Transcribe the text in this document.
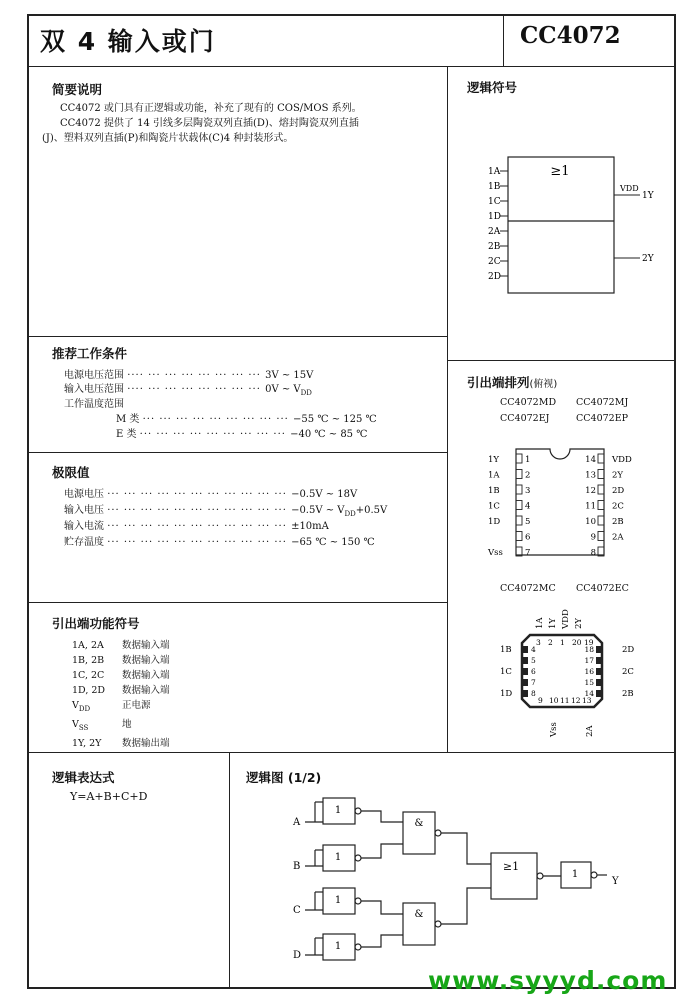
双 4 输入或门	CC4072
简要说明
CC4072 或门具有正逻辑或功能，补充了现有的 COS/MOS 系列。
CC4072 提供了 14 引线多层陶瓷双列直插(D)、熔封陶瓷双列直插
(J)、塑料双列直插(P)和陶瓷片状载体(C)4 种封装形式。
逻辑符号
≥1
1A
1B
1C
1D
2A
2B
2C
2D
VDD
1Y
2Y
推荐工作条件
电源电压范围 ···· ··· ··· ··· ··· ··· ··· ··· 3V ~ 15V
输入电压范围 ···· ··· ··· ··· ··· ··· ··· ··· 0V ~ $V_{DD}$
工作温度范围
M 类 ··· ··· ··· ··· ··· ··· ··· ··· ··· −55 ℃ ~ 125 ℃
E 类 ··· ··· ··· ··· ··· ··· ··· ··· ··· −40 ℃ ~ 85 ℃
极限值
电源电压 ··· ··· ··· ··· ··· ··· ··· ··· ··· ··· ··· −0.5V ~ 18V
输入电压 ··· ··· ··· ··· ··· ··· ··· ··· ··· ··· ··· −0.5V ~ $V_{DD}+0.5V$
输入电流 ··· ··· ··· ··· ··· ··· ··· ··· ··· ··· ··· ±10mA
贮存温度 ··· ··· ··· ··· ··· ··· ··· ··· ··· ··· ··· −65 ℃ ~ 150 ℃
引出端功能符号
1A, 2A 数据输入端
1B, 2B 数据输入端
1C, 2C 数据输入端
1D, 2D 数据输入端
$V_{DD}$	正电源
$V_{SS}$	地
1Y, 2Y 数据输出端
引出端排列(俯视)
CC4072MD CC4072MJ
CC4072EJ	CC4072EP
1
1Y
2
1A
3
1B
4
1C
5
1D
6
7
Vss
14 VDD
13 2Y
12 2D
11 2C
10 2B
9 2A
8
CC4072MC CC4072EC
1A 1Y VDD 2Y
3 2 1 20 19
4
1B
5
6
1C
7
8
1D
18	2D
17
16	2C
15
14	2B
9 10 11 12 13
Vss	2A
逻辑表达式
Y=A+B+C+D
逻辑图 (1/2)
1
1
1
1
&
&
≥1
1
A
B
C
D
Y
www.syyyd.com
